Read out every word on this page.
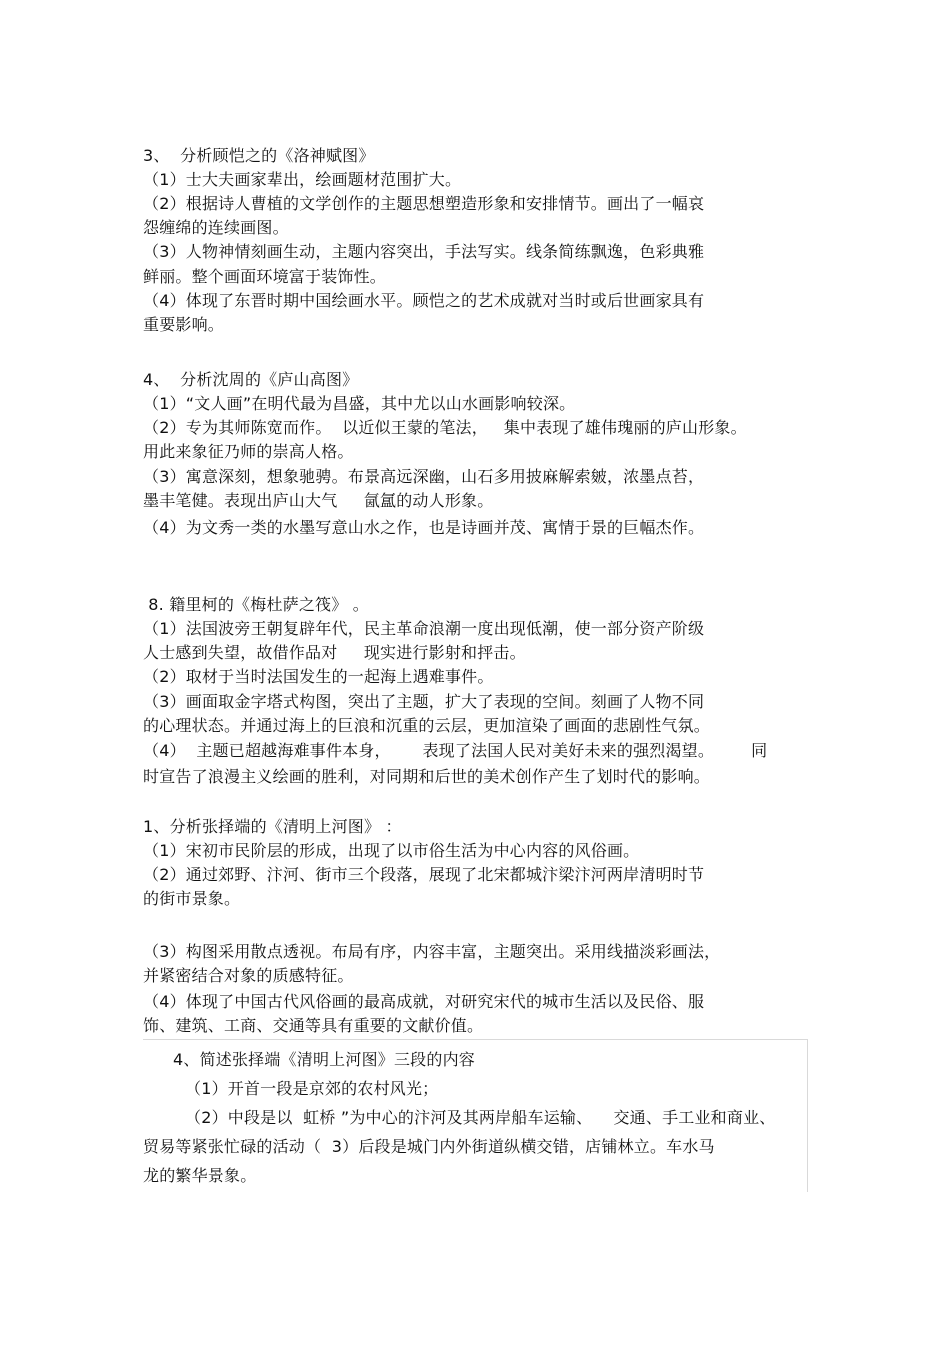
3、  分析顾恺之的《洛神赋图》
（1）士大夫画家辈出，绘画题材范围扩大。
（2）根据诗人曹植的文学创作的主题思想塑造形象和安排情节。画出了一幅哀
怨缠绵的连续画图。
（3）人物神情刻画生动，主题内容突出，手法写实。线条简练飘逸，色彩典雅
鲜丽。整个画面环境富于装饰性。
（4）体现了东晋时期中国绘画水平。顾恺之的艺术成就对当时或后世画家具有
重要影响。
4、  分析沈周的《庐山高图》
（1）“文人画”在明代最为昌盛，其中尤以山水画影响较深。
（2）专为其师陈宽而作。  以近似王蒙的笔法，   集中表现了雄伟瑰丽的庐山形象。
用此来象征乃师的崇高人格。
（3）寓意深刻，想象驰骋。布景高远深幽，山石多用披麻解索皴，浓墨点苔，
墨丰笔健。表现出庐山大气     氤氲的动人形象。
（4）为文秀一类的水墨写意山水之作，也是诗画并茂、寓情于景的巨幅杰作。
8. 籍里柯的《梅杜萨之筏》 。
（1）法国波旁王朝复辟年代，民主革命浪潮一度出现低潮，使一部分资产阶级
人士感到失望，故借作品对     现实进行影射和抨击。
（2）取材于当时法国发生的一起海上遇难事件。
（3）画面取金字塔式构图，突出了主题，扩大了表现的空间。刻画了人物不同
的心理状态。并通过海上的巨浪和沉重的云层，更加渲染了画面的悲剧性气氛。
（4）  主题已超越海难事件本身，      表现了法国人民对美好未来的强烈渴望。       同
时宣告了浪漫主义绘画的胜利，对同期和后世的美术创作产生了划时代的影响。
1、分析张择端的《清明上河图》 ：
（1）宋初市民阶层的形成，出现了以市俗生活为中心内容的风俗画。
（2）通过郊野、汴河、街市三个段落，展现了北宋都城汴梁汴河两岸清明时节
的街市景象。
（3）构图采用散点透视。布局有序，内容丰富，主题突出。采用线描淡彩画法，
并紧密结合对象的质感特征。
（4）体现了中国古代风俗画的最高成就，对研究宋代的城市生活以及民俗、服
饰、建筑、工商、交通等具有重要的文献价值。
4、简述张择端《清明上河图》三段的内容
（1）开首一段是京郊的农村风光；
（2）中段是以  虹桥 ”为中心的汴河及其两岸船车运输、    交通、手工业和商业、
贸易等紧张忙碌的活动（  3）后段是城门内外街道纵横交错，店铺林立。车水马
龙的繁华景象。
